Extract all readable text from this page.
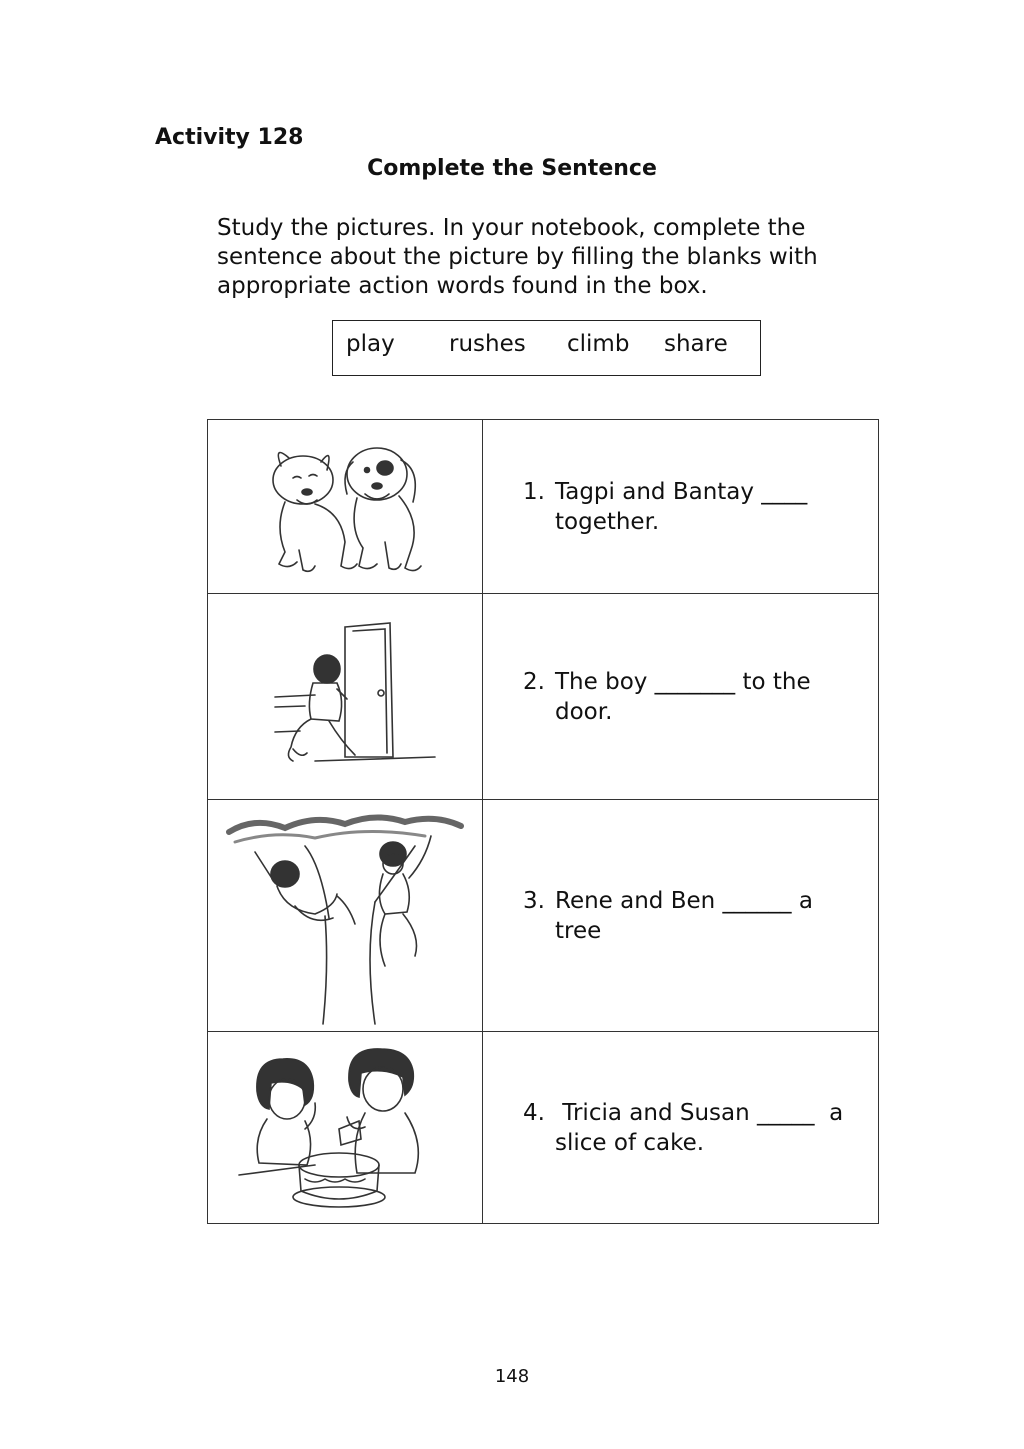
Activity 128
Complete the Sentence

Study the pictures. In your notebook, complete the

sentence about the picture by filling the blanks with

appropriate action words found in the box.

play rushes climb share

1. Tagpi and Bantay ____
together.

2. The boy _______ to the
door.

3. Rene and Ben ______ a
tree

4. Tricia and Susan _____  a
slice of cake.
148
